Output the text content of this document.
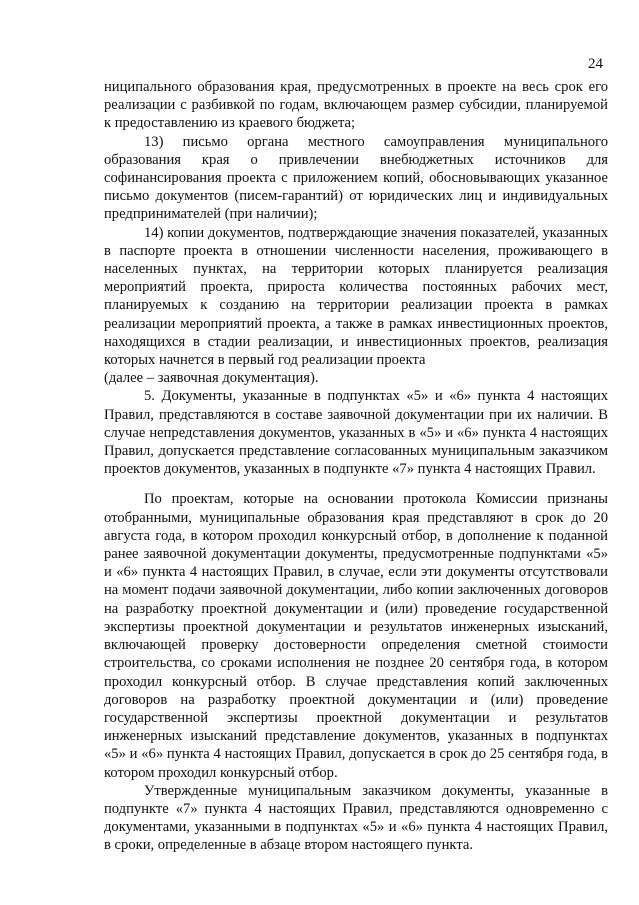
24

ниципального образования края, предусмотренных в проекте на весь срок его реализации с разбивкой по годам, включающем размер субсидии, планируемой к предоставлению из краевого бюджета;

13) письмо органа местного самоуправления муниципального образования края о привлечении внебюджетных источников для софинансирования проекта с приложением копий, обосновывающих указанное письмо документов (писем-гарантий) от юридических лиц и индивидуальных предпринимателей (при наличии);

14) копии документов, подтверждающие значения показателей, указанных в паспорте проекта в отношении численности населения, проживающего в населенных пунктах, на территории которых планируется реализация мероприятий проекта, прироста количества постоянных рабочих мест, планируемых к созданию на территории реализации проекта в рамках реализации мероприятий проекта, а также в рамках инвестиционных проектов, находящихся в стадии реализации, и инвестиционных проектов, реализация которых начнется в первый год реализации проекта

(далее – заявочная документация).

5. Документы, указанные в подпунктах «5» и «6» пункта 4 настоящих Правил, представляются в составе заявочной документации при их наличии. В случае непредставления документов, указанных в «5» и «6» пункта 4 настоящих Правил, допускается представление согласованных муниципальным заказчиком проектов документов, указанных в подпункте «7» пункта 4 настоящих Правил.

По проектам, которые на основании протокола Комиссии признаны отобранными, муниципальные образования края представляют в срок до 20 августа года, в котором проходил конкурсный отбор, в дополнение к поданной ранее заявочной документации документы, предусмотренные подпунктами «5» и «6» пункта 4 настоящих Правил, в случае, если эти документы отсутствовали на момент подачи заявочной документации, либо копии заключенных договоров на разработку проектной документации и (или) проведение государственной экспертизы проектной документации и результатов инженерных изысканий, включающей проверку достоверности определения сметной стоимости строительства, со сроками исполнения не позднее 20 сентября года, в котором проходил конкурсный отбор. В случае представления копий заключенных договоров на разработку проектной документации и (или) проведение государственной экспертизы проектной документации и результатов инженерных изысканий представление документов, указанных в подпунктах «5» и «6» пункта 4 настоящих Правил, допускается в срок до 25 сентября года, в котором проходил конкурсный отбор.

Утвержденные муниципальным заказчиком документы, указанные в подпункте «7» пункта 4 настоящих Правил, представляются одновременно с документами, указанными в подпунктах «5» и «6» пункта 4 настоящих Правил, в сроки, определенные в абзаце втором настоящего пункта.
